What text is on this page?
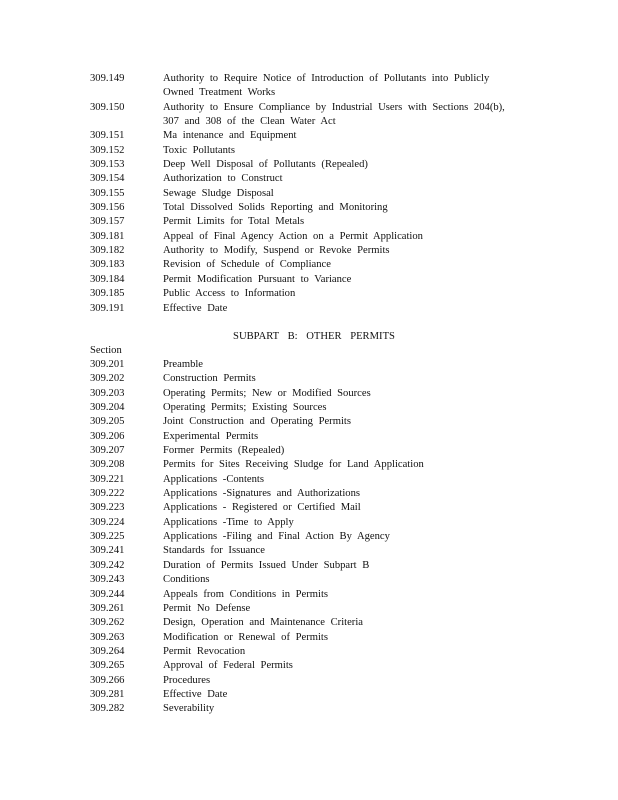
309.149	Authority to Require Notice of Introduction of Pollutants into Publicly Owned Treatment Works
309.150	Authority to Ensure Compliance by Industrial Users with Sections 204(b), 307 and 308 of the Clean Water Act
309.151	Ma intenance and Equipment
309.152	Toxic Pollutants
309.153	Deep Well Disposal of Pollutants (Repealed)
309.154	Authorization to Construct
309.155	Sewage Sludge Disposal
309.156	Total Dissolved Solids Reporting and Monitoring
309.157	Permit Limits for Total Metals
309.181	Appeal of Final Agency Action on a Permit Application
309.182	Authority to Modify, Suspend or Revoke Permits
309.183	Revision of Schedule of Compliance
309.184	Permit Modification Pursuant to Variance
309.185	Public Access to Information
309.191	Effective Date
SUBPART B: OTHER PERMITS
Section
309.201	Preamble
309.202	Construction Permits
309.203	Operating Permits; New or Modified Sources
309.204	Operating Permits; Existing Sources
309.205	Joint Construction and Operating Permits
309.206	Experimental Permits
309.207	Former Permits (Repealed)
309.208	Permits for Sites Receiving Sludge for Land Application
309.221	Applications -Contents
309.222	Applications -Signatures and Authorizations
309.223	Applications - Registered or Certified Mail
309.224	Applications -Time to Apply
309.225	Applications -Filing and Final Action By Agency
309.241	Standards for Issuance
309.242	Duration of Permits Issued Under Subpart B
309.243	Conditions
309.244	Appeals from Conditions in Permits
309.261	Permit No Defense
309.262	Design, Operation and Maintenance Criteria
309.263	Modification or Renewal of Permits
309.264	Permit Revocation
309.265	Approval of Federal Permits
309.266	Procedures
309.281	Effective Date
309.282	Severability
